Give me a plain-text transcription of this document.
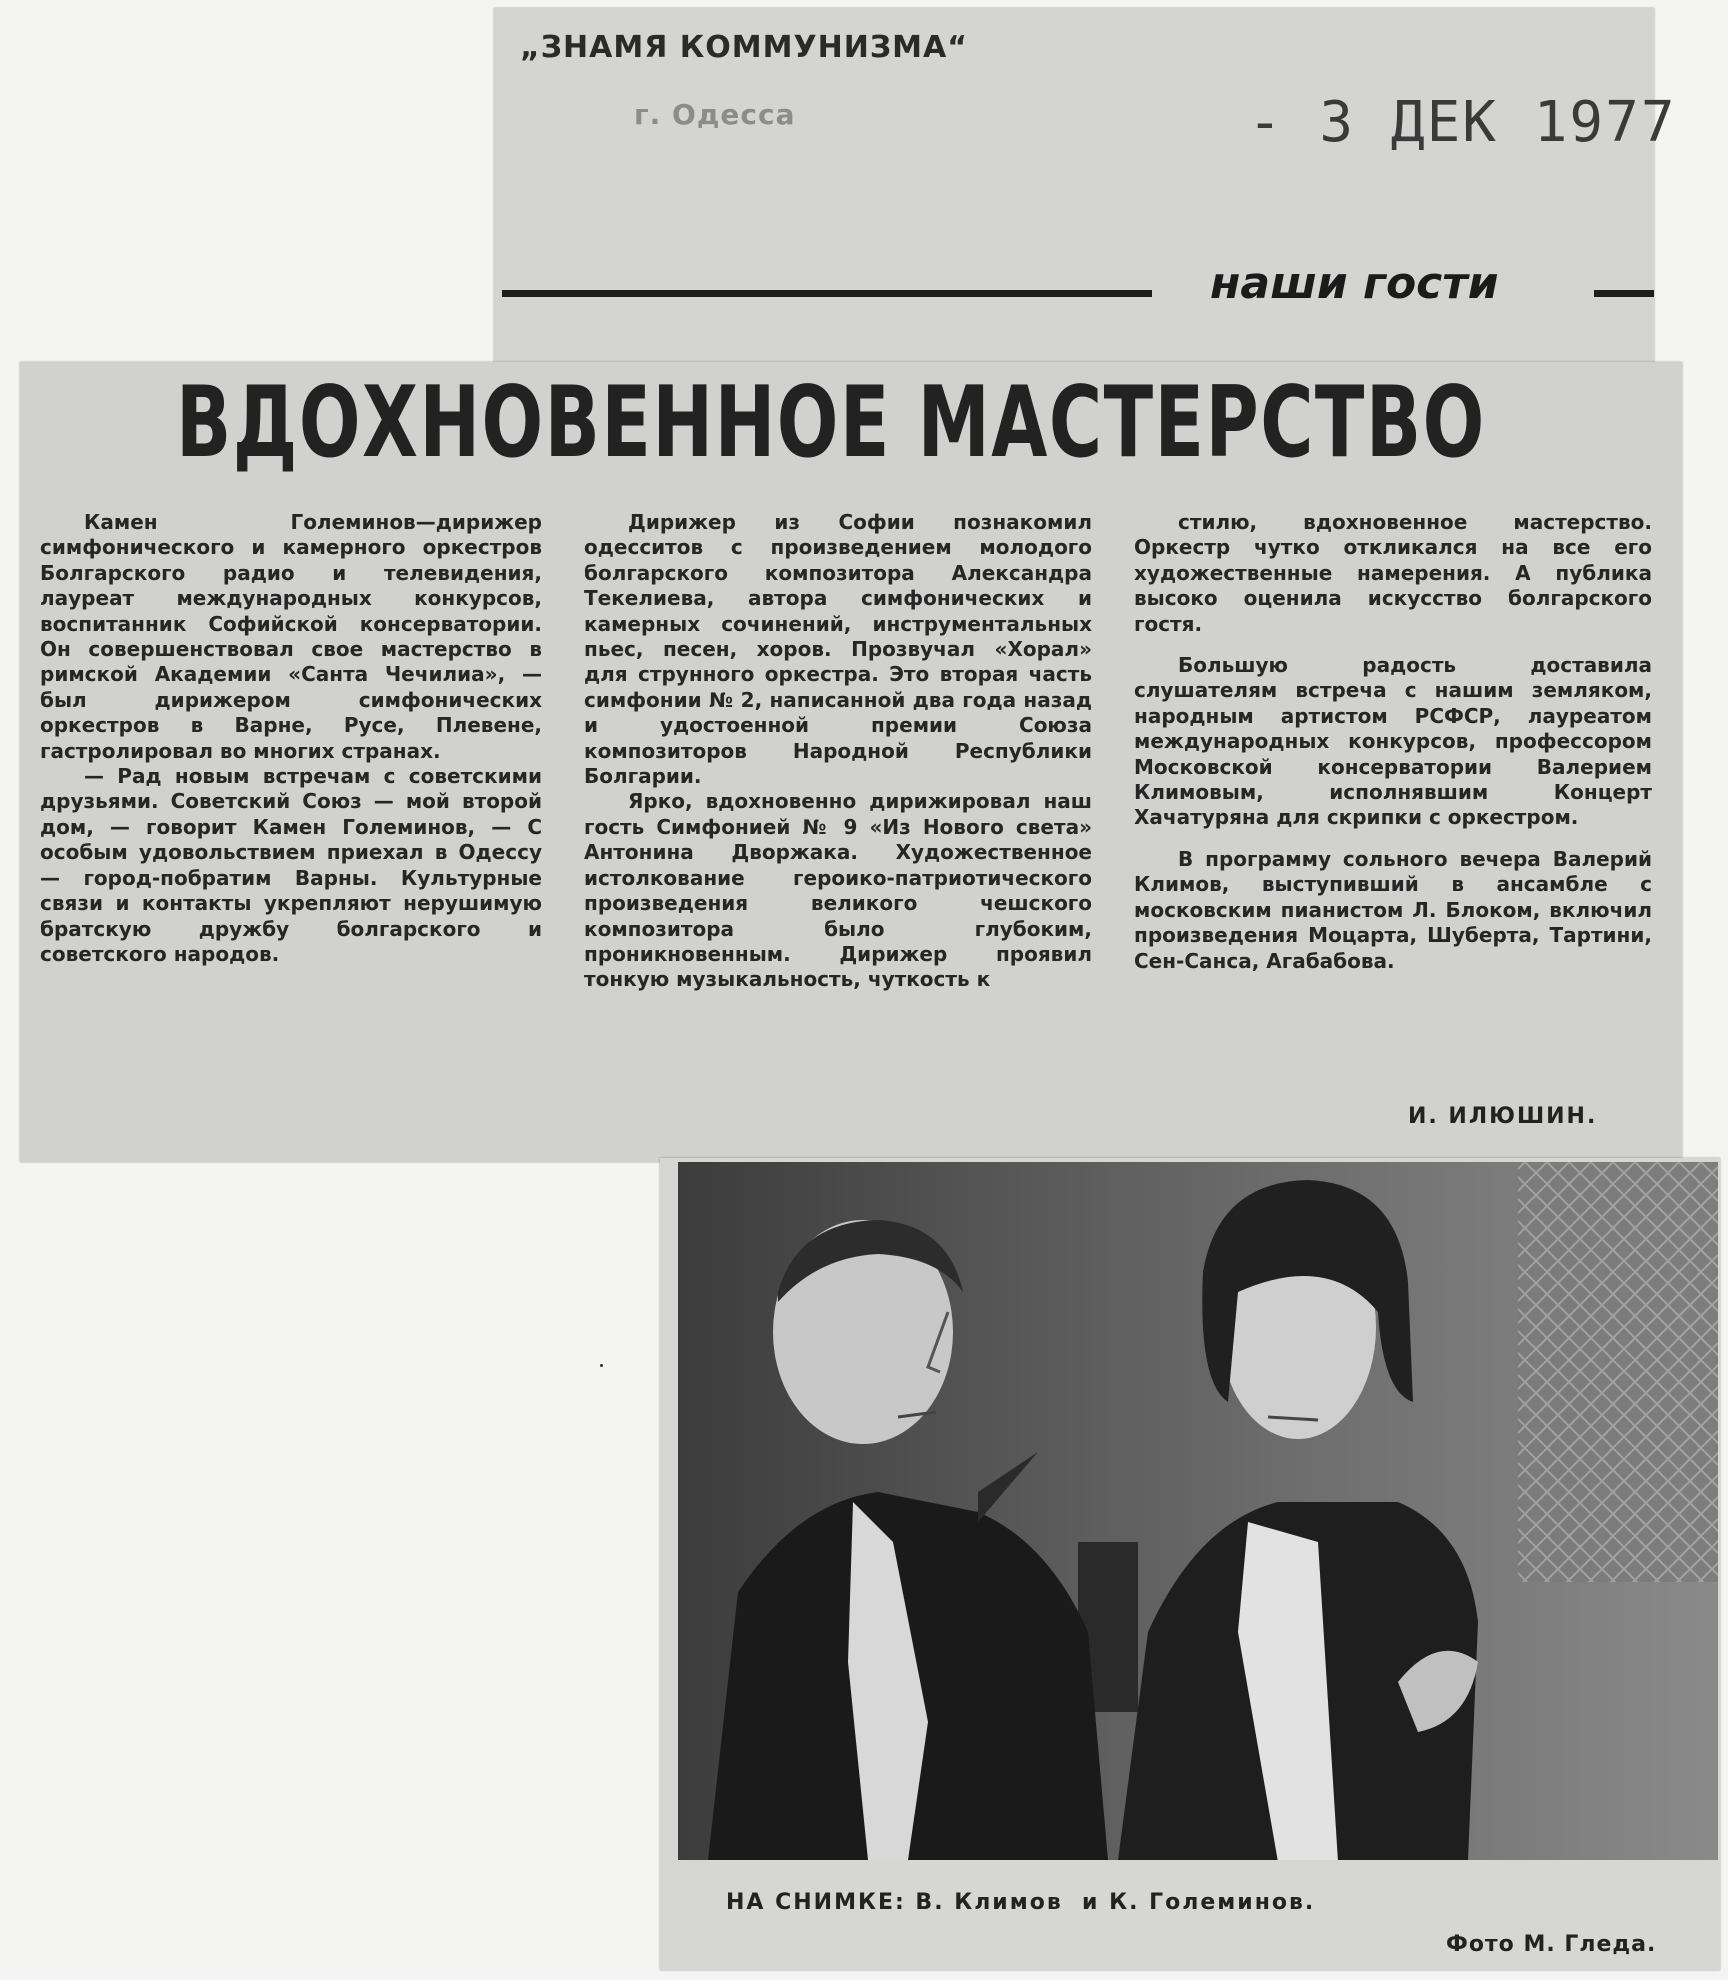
„ЗНАМЯ КОММУНИЗМА“
г. Одесса	- 3 ДЕК 1977
наши гости
ВДОХНОВЕННОЕ МАСТЕРСТВО

Камен Големинов—дирижер симфонического и камерного оркестров Болгарского радио и телевидения, лауреат международных конкурсов, воспитанник Софийской консерватории. Он совершенствовал свое мастерство в римской Академии «Санта Чечилиа», — был дирижером симфонических оркестров в Варне, Русе, Плевене, гастролировал во многих странах.

— Рад новым встречам с советскими друзьями. Советский Союз — мой второй дом, — говорит Камен Големинов, — С особым удовольствием приехал в Одессу — город-побратим Варны. Культурные связи и контакты укрепляют нерушимую братскую дружбу болгарского и советского народов.

Дирижер из Софии познакомил одесситов с произведением молодого болгарского композитора Александра Текелиева, автора симфонических и камерных сочинений, инструментальных пьес, песен, хоров. Прозвучал «Хорал» для струнного оркестра. Это вторая часть симфонии № 2, написанной два года назад и удостоенной премии Союза композиторов Народной Республики Болгарии.

Ярко, вдохновенно дирижировал наш гость Симфонией № 9 «Из Нового света» Антонина Дворжака. Художественное истолкование героико-патриотического произведения великого чешского композитора было глубоким, проникновенным. Дирижер проявил тонкую музыкальность, чуткость к

стилю, вдохновенное мастерство. Оркестр чутко откликался на все его художественные намерения. А публика высоко оценила искусство болгарского гостя.

Большую радость доставила слушателям встреча с нашим земляком, народным артистом РСФСР, лауреатом международных конкурсов, профессором Московской консерватории Валерием Климовым, исполнявшим Концерт Хачатуряна для скрипки с оркестром.

В программу сольного вечера Валерий Климов, выступивший в ансамбле с московским пианистом Л. Блоком, включил произведения Моцарта, Шуберта, Тартини, Сен-Санса, Агабабова.

И. ИЛЮШИН.
НА СНИМКЕ: В. Климов  и К. Големинов.
Фото М. Гледа.
